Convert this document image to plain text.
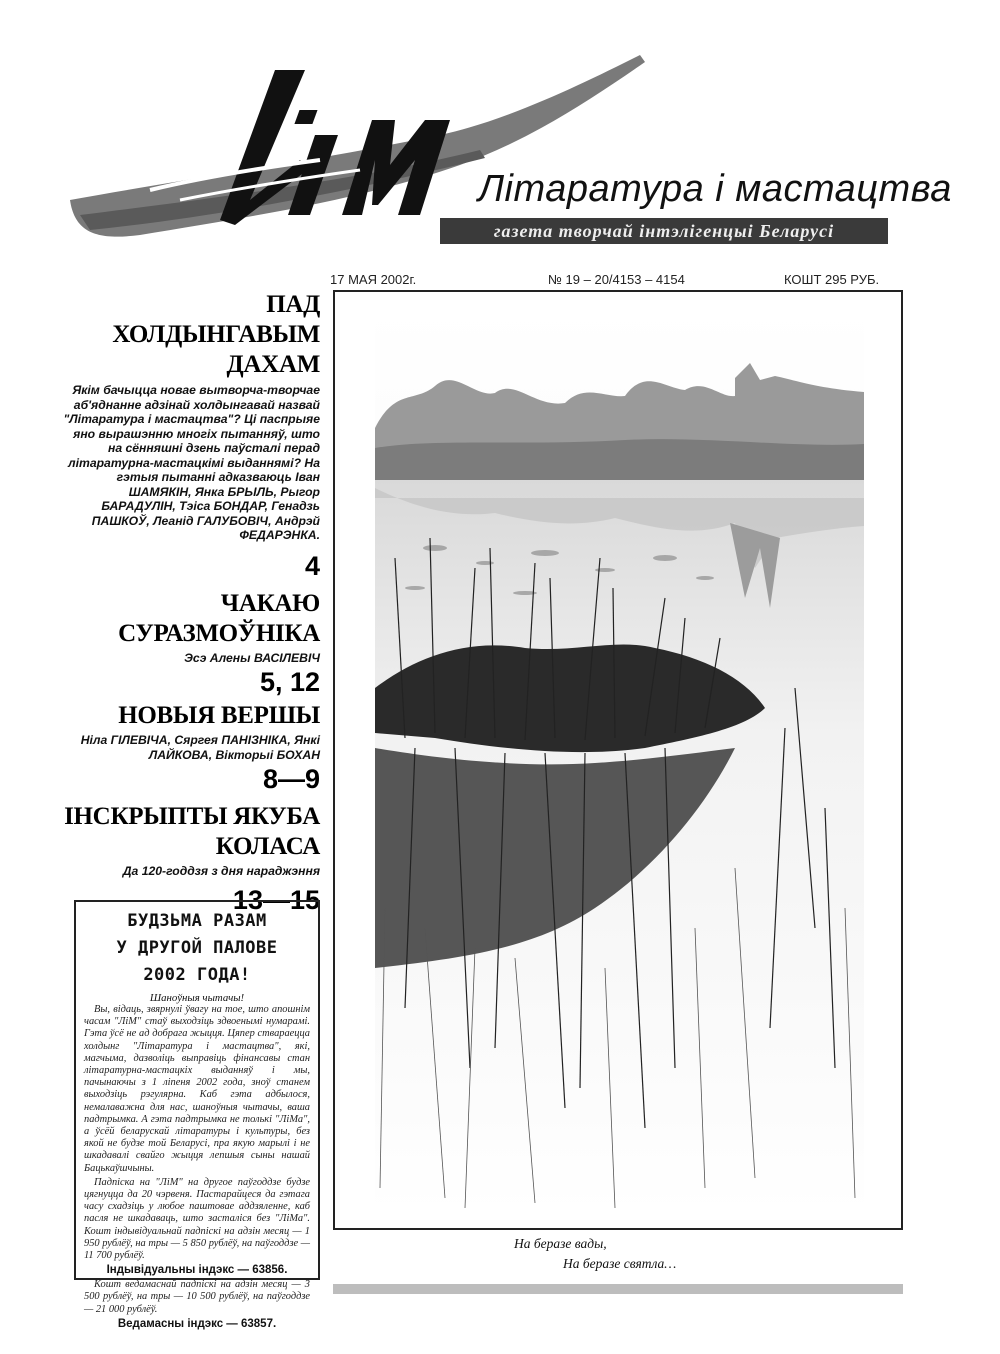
Літаратура і мастацтва
газета творчай інтэлігенцыі Беларусі
17 МАЯ 2002г.	№ 19 – 20/4153 – 4154	КОШТ 295 РУБ.
ПАД ХОЛДЫНГАВЫМ ДАХАМ
Якім бачыцца новае вытворча-творчае аб'яднанне адзінай холдынгавай назвай "Літаратура і мастацтва"? Ці паспрыяе яно вырашэнню многіх пытанняў, што на сённяшні дзень паўсталі перад літаратурна-мастацкімі выданнямі? На гэтыя пытанні адказваюць Іван ШАМЯКІН, Янка БРЫЛЬ, Рыгор БАРАДУЛІН, Тэіса БОНДАР, Генадзь ПАШКОЎ, Леанід ГАЛУБОВІЧ, Андрэй ФЕДАРЭНКА.
4
ЧАКАЮ СУРАЗМОЎНІКА
Эсэ Алены ВАСІЛЕВІЧ
5, 12
НОВЫЯ ВЕРШЫ
Ніла ГІЛЕВІЧА, Сяргея ПАНІЗНІКА, Янкі ЛАЙКОВА, Вікторыі БОХАН
8—9
ІНСКРЫПТЫ ЯКУБА КОЛАСА
Да 120-годдзя з дня нараджэння
13—15
БУДЗЬМА РАЗАМ
У ДРУГОЙ ПАЛОВЕ
2002 ГОДА!
Шаноўныя чытачы!
Вы, відаць, звярнулі ўвагу на тое, што апошнім часам "ЛіМ" стаў выходзіць здвоенымі нумарамі. Гэта ўсё не ад добрага жыцця. Цяпер ствараецца холдынг "Літаратура і мастацтва", які, магчыма, дазволіць выправіць фінансавы стан літаратурна-мастацкіх выданняў і мы, пачынаючы з 1 ліпеня 2002 года, зноў станем выходзіць рэгулярна. Каб гэта адбылося, немалаважна для нас, шаноўныя чытачы, ваша падтрымка. А гэта падтрымка не толькі "ЛіМа", а ўсёй беларускай літаратуры і культуры, без якой не будзе той Беларусі, пра якую марылі і не шкадавалі свайго жыцця лепшыя сыны нашай Бацькаўшчыны.
Падпіска на "ЛіМ" на другое паўгоддзе будзе цягнуцца да 20 чэрвеня. Пастарайцеся да гэтага часу схадзіць у любое паштовае аддзяленне, каб пасля не шкадаваць, што засталіся без "ЛіМа". Кошт індывідуальнай падпіскі на адзін месяц — 1 950 рублёў, на тры — 5 850 рублёў, на паўгоддзе — 11 700 рублёў.
Індывідуальны індэкс — 63856.
Кошт ведамаснай падпіскі на адзін месяц — 3 500 рублёў, на тры — 10 500 рублёў, на паўгоддзе — 21 000 рублёў.
Ведамасны індэкс — 63857.
На беразе вады,
На беразе святла…
